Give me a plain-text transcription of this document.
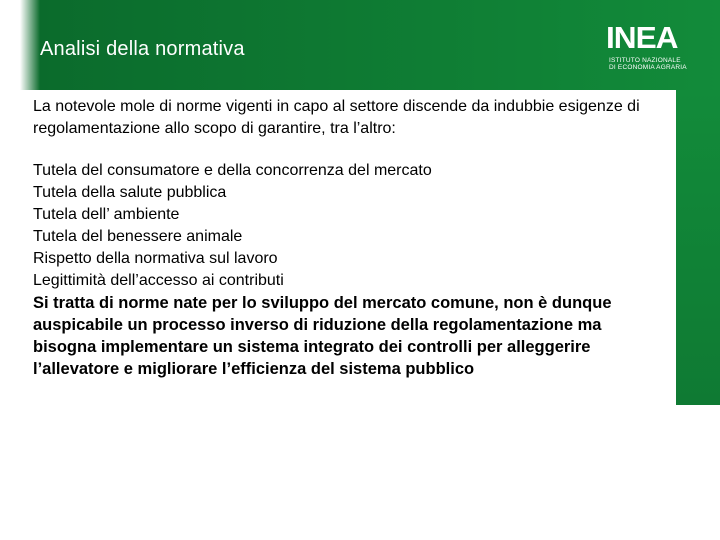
Analisi della normativa	INEA
ISTITUTO NAZIONALE
DI ECONOMIA AGRARIA

La notevole mole di norme vigenti in capo al settore discende da indubbie esigenze di regolamentazione allo scopo di garantire, tra l’altro:

Tutela del consumatore e della concorrenza del mercato

Tutela della salute pubblica

Tutela dell’ ambiente

Tutela del benessere animale

Rispetto della normativa sul lavoro

Legittimità dell’accesso ai contributi

Si tratta di norme nate per lo sviluppo del mercato comune, non è dunque auspicabile un processo inverso di riduzione della regolamentazione ma bisogna implementare un sistema integrato dei controlli per alleggerire l’allevatore e migliorare l’efficienza del sistema pubblico
